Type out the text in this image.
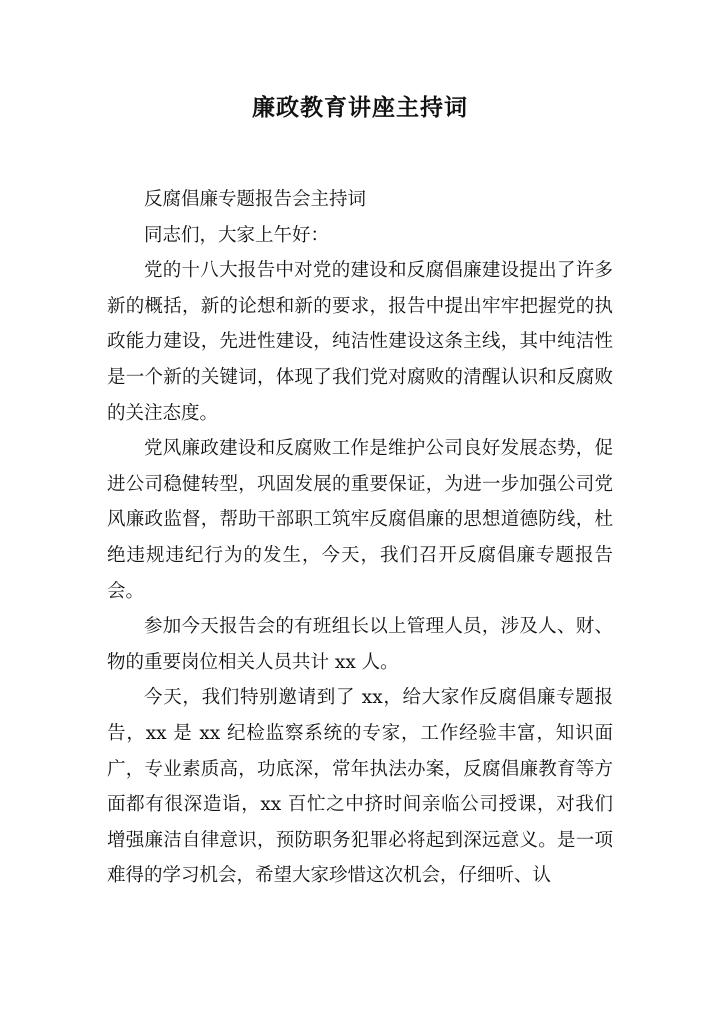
廉政教育讲座主持词

反腐倡廉专题报告会主持词

同志们，大家上午好：

党的十八大报告中对党的建设和反腐倡廉建设提出了许多新的概括，新的论想和新的要求，报告中提出牢牢把握党的执政能力建设，先进性建设，纯洁性建设这条主线，其中纯洁性是一个新的关键词，体现了我们党对腐败的清醒认识和反腐败的关注态度。

党风廉政建设和反腐败工作是维护公司良好发展态势，促进公司稳健转型，巩固发展的重要保证，为进一步加强公司党风廉政监督，帮助干部职工筑牢反腐倡廉的思想道德防线，杜绝违规违纪行为的发生，今天，我们召开反腐倡廉专题报告会。

参加今天报告会的有班组长以上管理人员，涉及人、财、物的重要岗位相关人员共计 xx 人。

今天，我们特别邀请到了 xx，给大家作反腐倡廉专题报告，xx 是 xx 纪检监察系统的专家，工作经验丰富，知识面广，专业素质高，功底深，常年执法办案，反腐倡廉教育等方面都有很深造诣，xx 百忙之中挤时间亲临公司授课，对我们增强廉洁自律意识，预防职务犯罪必将起到深远意义。是一项难得的学习机会，希望大家珍惜这次机会，仔细听、认
